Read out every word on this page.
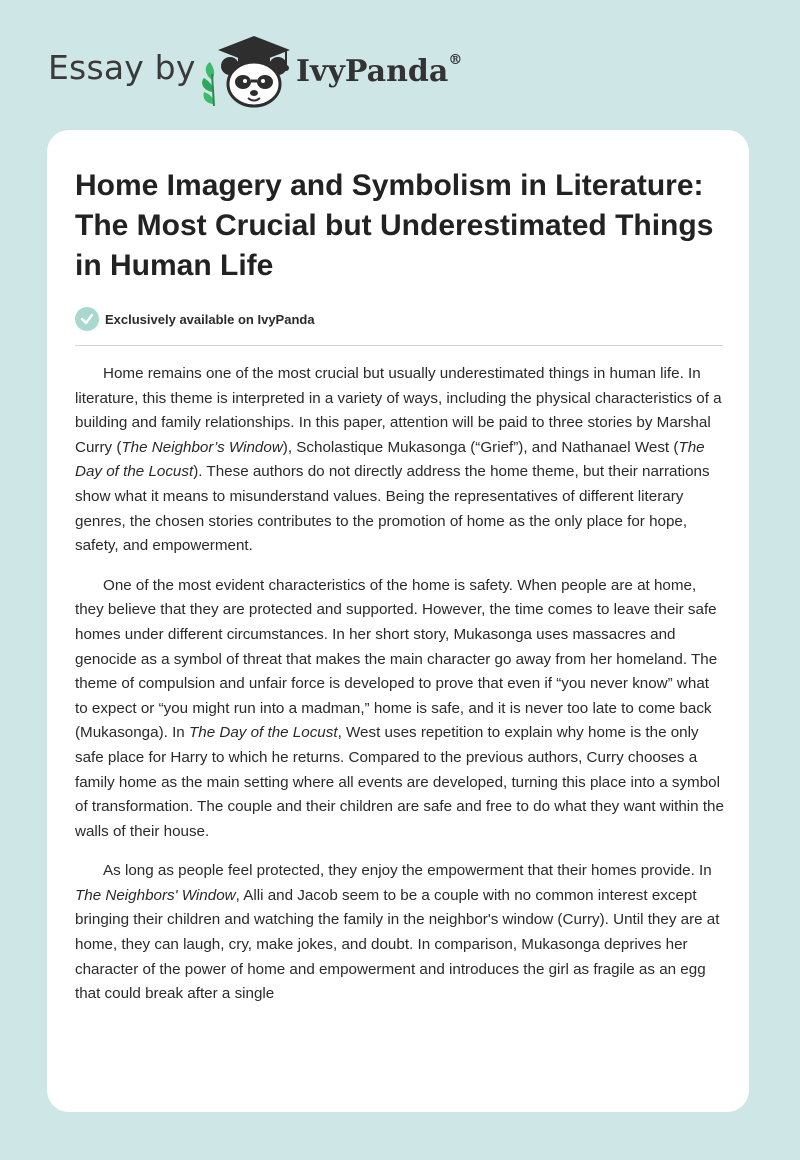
Essay by	IvyPanda®
Home Imagery and Symbolism in Literature: The Most Crucial but Underestimated Things in Human Life
Exclusively available on IvyPanda

Home remains one of the most crucial but usually underestimated things in human life. In literature, this theme is interpreted in a variety of ways, including the physical characteristics of a building and family relationships. In this paper, attention will be paid to three stories by Marshal Curry (The Neighbor’s Window), Scholastique Mukasonga (“Grief”), and Nathanael West (The Day of the Locust). These authors do not directly address the home theme, but their narrations show what it means to misunderstand values. Being the representatives of different literary genres, the chosen stories contributes to the promotion of home as the only place for hope, safety, and empowerment.

One of the most evident characteristics of the home is safety. When people are at home, they believe that they are protected and supported. However, the time comes to leave their safe homes under different circumstances. In her short story, Mukasonga uses massacres and genocide as a symbol of threat that makes the main character go away from her homeland. The theme of compulsion and unfair force is developed to prove that even if “you never know” what to expect or “you might run into a madman,” home is safe, and it is never too late to come back (Mukasonga). In The Day of the Locust, West uses repetition to explain why home is the only safe place for Harry to which he returns. Compared to the previous authors, Curry chooses a family home as the main setting where all events are developed, turning this place into a symbol of transformation. The couple and their children are safe and free to do what they want within the walls of their house.

As long as people feel protected, they enjoy the empowerment that their homes provide. In The Neighbors' Window, Alli and Jacob seem to be a couple with no common interest except bringing their children and watching the family in the neighbor's window (Curry). Until they are at home, they can laugh, cry, make jokes, and doubt. In comparison, Mukasonga deprives her character of the power of home and empowerment and introduces the girl as fragile as an egg that could break after a single
